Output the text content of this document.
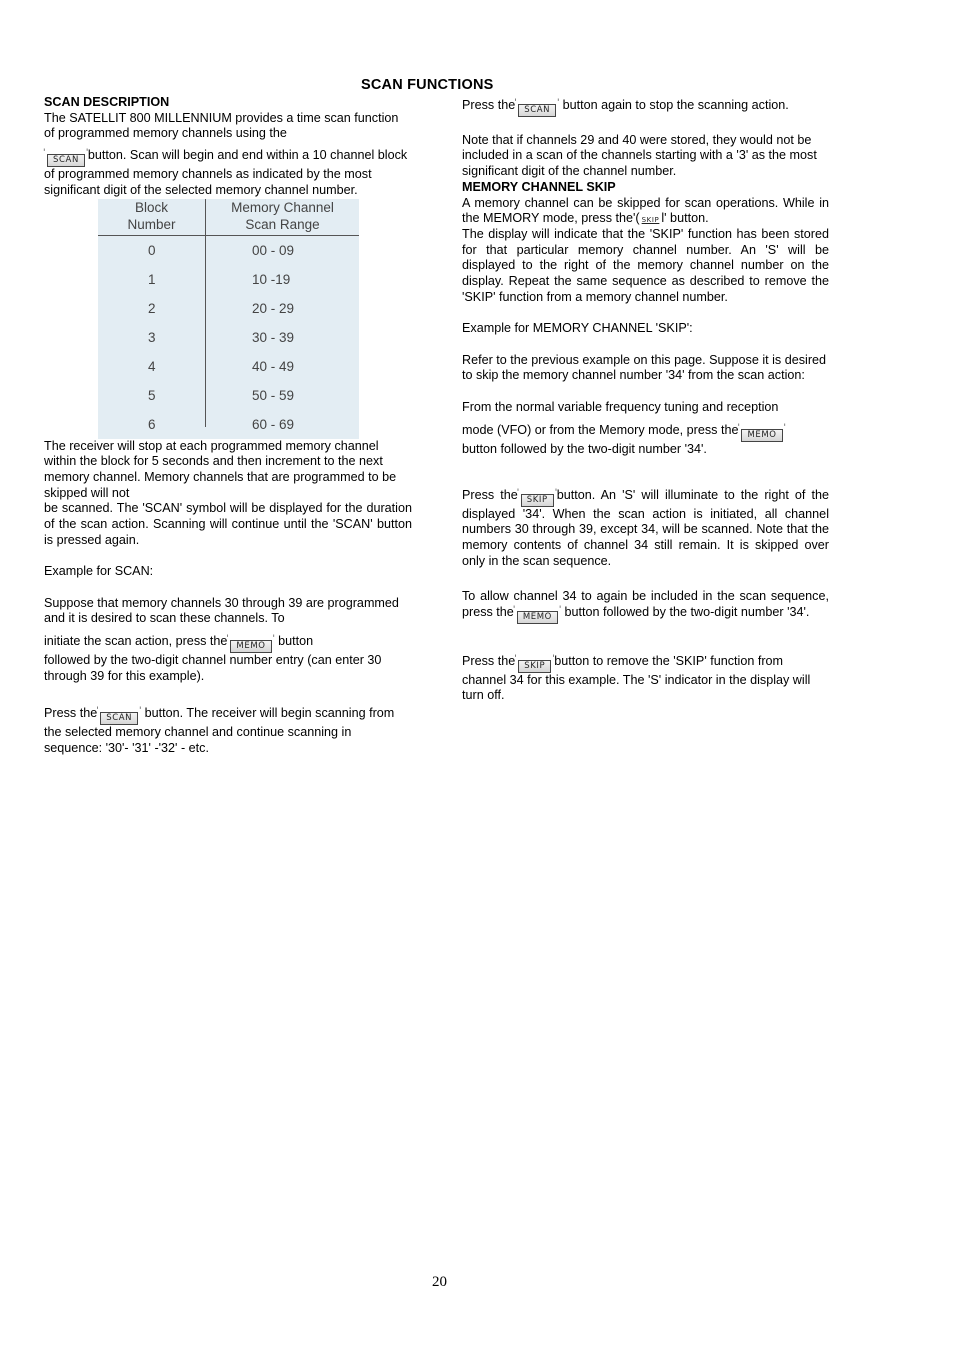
SCAN FUNCTIONS

SCAN DESCRIPTION

The SATELLIT 800 MILLENNIUM provides a time scan function of programmed memory channels using the

' SCAN ' button. Scan will begin and end within a 10 channel block of programmed memory channels as indicated by the most significant digit of the selected memory channel number.

Block
Number
Memory Channel
Scan Range
0	00 - 09
1	10 -19
2	20 - 29
3	30 - 39
4	40 - 49
5	50 - 59
6	60 - 69

The receiver will stop at each programmed memory channel within the block for 5 seconds and then increment to the next memory channel. Memory channels that are programmed to be skipped will not

be scanned. The 'SCAN' symbol will be displayed for the duration of the scan action. Scanning will continue until the 'SCAN' button is pressed again.

Example for SCAN:

Suppose that memory channels 30 through 39 are programmed and it is desired to scan these channels. To

initiate the scan action, press the ' MEMO ' button

followed by the two-digit channel number entry (can enter 30 through 39 for this example).

Press the ' SCAN ' button. The receiver will begin scanning from the selected memory channel and continue scanning in sequence: '30'- '31' -'32' - etc.

Press the ' SCAN ' button again to stop the scanning action.

Note that if channels 29 and 40 were stored, they would not be included in a scan of the channels starting with a '3' as the most significant digit of the channel number.

MEMORY CHANNEL SKIP

A memory channel can be skipped for scan operations. While in the MEMORY mode, press the'( SKIP l' button.

The display will indicate that the 'SKIP' function has been stored for that particular memory channel number. An 'S' will be displayed to the right of the memory channel number on the display. Repeat the same sequence as described to remove the 'SKIP' function from a memory channel number.

Example for MEMORY CHANNEL 'SKIP':

Refer to the previous example on this page. Suppose it is desired to skip the memory channel number '34' from the scan action:

From the normal variable frequency tuning and reception

mode (VFO) or from the Memory mode, press the ' MEMO '
button followed by the two-digit number '34'.

Press the ' SKIP ' button. An 'S' will illuminate to the right of the displayed '34'. When the scan action is initiated, all channel numbers 30 through 39, except 34, will be scanned. Note that the memory contents of channel 34 still remain. It is skipped over only in the scan sequence.

To allow channel 34 to again be included in the scan sequence, press the ' MEMO ' button followed by the two-digit number '34'.

Press the ' SKIP ' button to remove the 'SKIP' function from channel 34 for this example. The 'S' indicator in the display will turn off.

20
